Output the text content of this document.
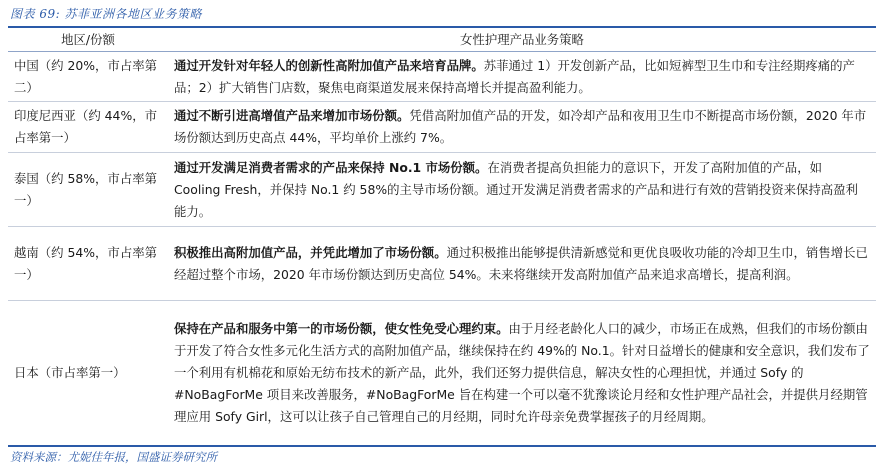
图表 69: 苏菲亚洲各地区业务策略
地区/份额	女性护理产品业务策略
中国（约 20%，市占率第二）	通过开发针对年轻人的创新性高附加值产品来培育品牌。苏菲通过 1）开发创新产品，比如短裤型卫生巾和专注经期疼痛的产品；2）扩大销售门店数，聚焦电商渠道发展来保持高增长并提高盈利能力。
印度尼西亚（约 44%，市占率第一）	通过不断引进高增值产品来增加市场份额。凭借高附加值产品的开发，如冷却产品和夜用卫生巾不断提高市场份额，2020 年市场份额达到历史高点 44%，平均单价上涨约 7%。
泰国（约 58%，市占率第一）	通过开发满足消费者需求的产品来保持 No.1 市场份额。在消费者提高负担能力的意识下，开发了高附加值的产品，如 Cooling Fresh，并保持 No.1 约 58%的主导市场份额。通过开发满足消费者需求的产品和进行有效的营销投资来保持高盈利能力。
越南（约 54%，市占率第一）	积极推出高附加值产品，并凭此增加了市场份额。通过积极推出能够提供清新感觉和更优良吸收功能的冷却卫生巾，销售增长已经超过整个市场，2020 年市场份额达到历史高位 54%。未来将继续开发高附加值产品来追求高增长，提高利润。
日本（市占率第一）	保持在产品和服务中第一的市场份额，使女性免受心理约束。由于月经老龄化人口的减少，市场正在成熟，但我们的市场份额由于开发了符合女性多元化生活方式的高附加值产品，继续保持在约 49%的 No.1。针对日益增长的健康和安全意识，我们发布了一个利用有机棉花和原始无纺布技术的新产品，此外，我们还努力提供信息，解决女性的心理担忧，并通过 Sofy 的#NoBagForMe 项目来改善服务，#NoBagForMe 旨在构建一个可以毫不犹豫谈论月经和女性护理产品社会，并提供月经期管理应用 Sofy Girl，这可以让孩子自己管理自己的月经期，同时允许母亲免费掌握孩子的月经周期。
资料来源：尤妮佳年报，国盛证券研究所
